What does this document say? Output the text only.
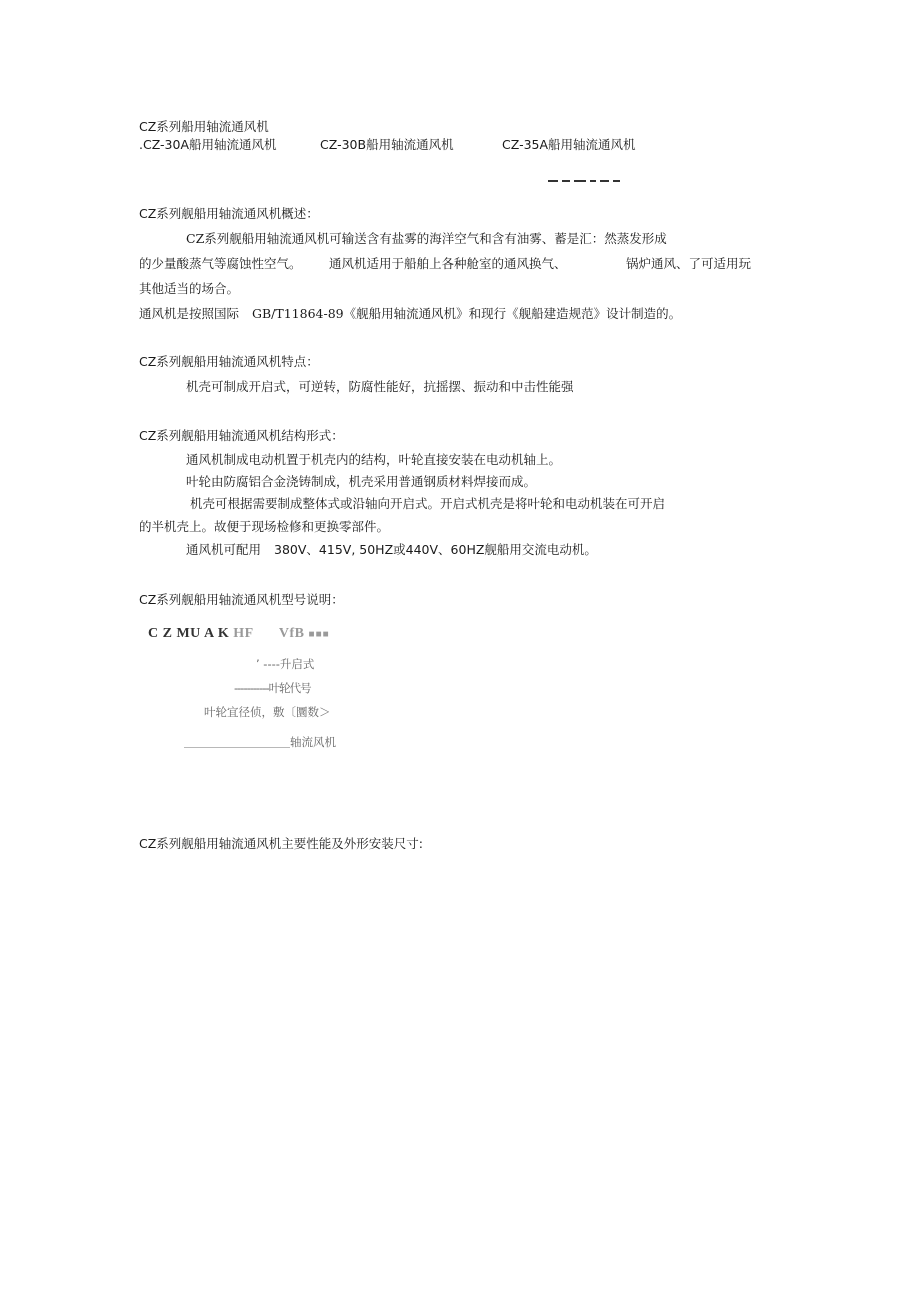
CZ系列船用轴流通风机
.CZ-30A船用轴流通风机	CZ-30B船用轴流通风机	CZ-35A船用轴流通风机
CZ系列舰船用轴流通风机概述：
CZ系列舰船用轴流通风机可输送含有盐雾的海洋空气和含有油雾、蓄是汇：然蒸发形成
的少量酸蒸气等腐蚀性空气。 通风机适用于船舶上各种舱室的通风换气、	锅炉通风、了可适用玩
其他适当的场合。
通风机是按照国际 GB/T11864-89《舰船用轴流通风机》和现行《舰船建造规范》设计制造的。
CZ系列舰船用轴流通风机特点：
机壳可制成开启式，可逆转，防腐性能好，抗摇摆、振动和中击性能强
CZ系列舰船用轴流通风机结构形式：
通风机制成电动机置于机壳内的结构，叶轮直接安装在电动机轴上。
叶轮由防腐铝合金浇铸制成，机壳采用普通钢质材料焊接而成。
机壳可根据需要制成整体式或沿轴向开启式。开启式机壳是将叶轮和电动机装在可开启
的半机壳上。故便于现场检修和更换零部件。
通风机可配用 380V、415V, 50HZ或440V、60HZ舰船用交流电动机。
CZ系列舰船用轴流通风机型号说明：
C Z MU A K HF VfB ■■■
’ ----升启式
-----------叶轮代号
叶轮宜径侦，敷〔圜数＞
轴流风机
CZ系列舰船用轴流通风机主要性能及外形安装尺寸:
